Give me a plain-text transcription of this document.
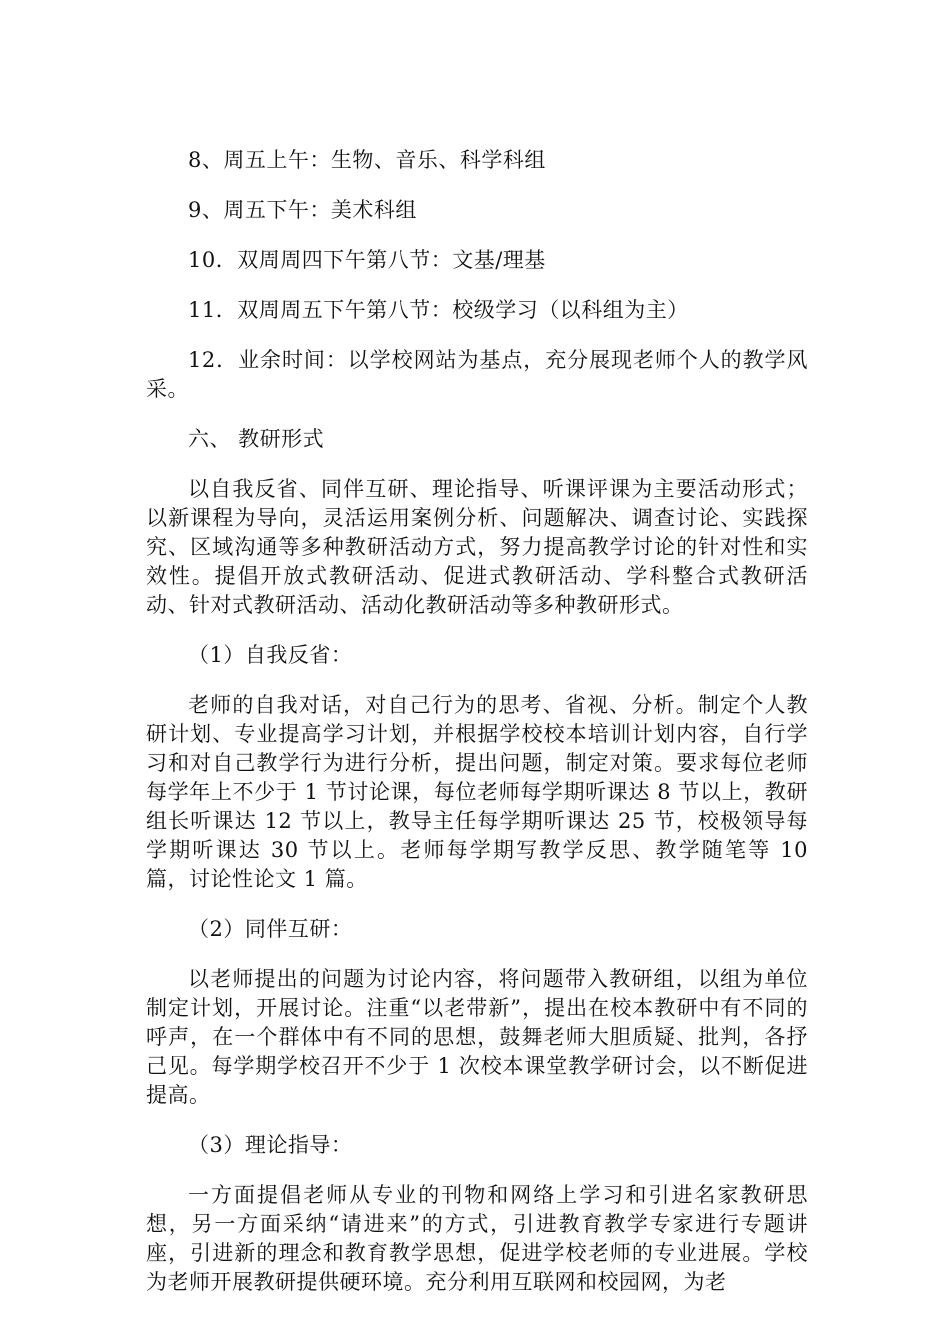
8、周五上午：生物、音乐、科学科组

9、周五下午：美术科组

10．双周周四下午第八节：文基/理基

11．双周周五下午第八节：校级学习（以科组为主）

12．业余时间：以学校网站为基点，充分展现老师个人的教学风采。

六、 教研形式

以自我反省、同伴互研、理论指导、听课评课为主要活动形式；以新课程为导向，灵活运用案例分析、问题解决、调查讨论、实践探究、区域沟通等多种教研活动方式，努力提高教学讨论的针对性和实效性。提倡开放式教研活动、促进式教研活动、学科整合式教研活动、针对式教研活动、活动化教研活动等多种教研形式。

（1）自我反省：

老师的自我对话，对自己行为的思考、省视、分析。制定个人教研计划、专业提高学习计划，并根据学校校本培训计划内容，自行学习和对自己教学行为进行分析，提出问题，制定对策。要求每位老师每学年上不少于 1 节讨论课，每位老师每学期听课达 8 节以上，教研组长听课达 12 节以上，教导主任每学期听课达 25 节，校极领导每学期听课达 30 节以上。老师每学期写教学反思、教学随笔等 10 篇，讨论性论文 1 篇。

（2）同伴互研：

以老师提出的问题为讨论内容，将问题带入教研组，以组为单位制定计划，开展讨论。注重“以老带新”，提出在校本教研中有不同的呼声，在一个群体中有不同的思想，鼓舞老师大胆质疑、批判，各抒己见。每学期学校召开不少于 1 次校本课堂教学研讨会，以不断促进提高。

（3）理论指导：

一方面提倡老师从专业的刊物和网络上学习和引进名家教研思想，另一方面采纳“请进来”的方式，引进教育教学专家进行专题讲座，引进新的理念和教育教学思想，促进学校老师的专业进展。学校为老师开展教研提供硬环境。充分利用互联网和校园网，为老
